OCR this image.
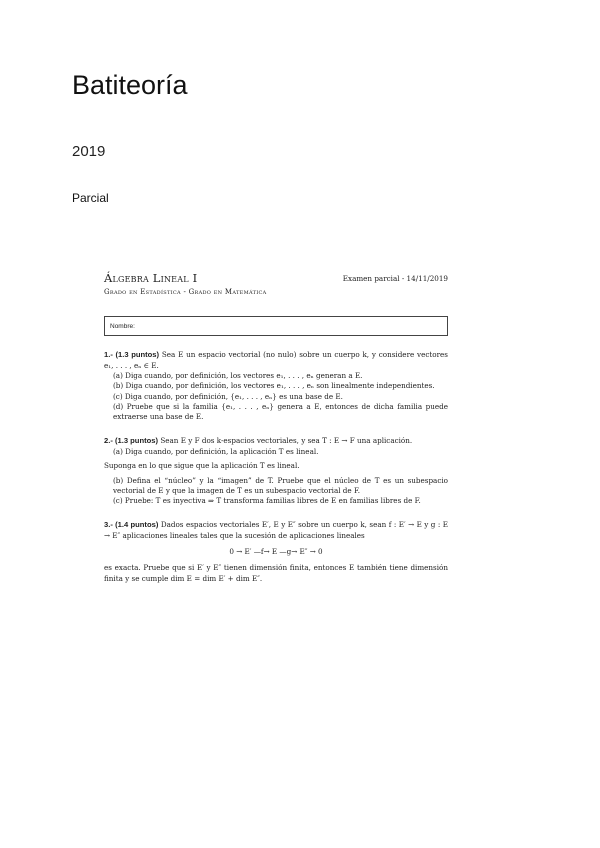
Batiteoría
2019
Parcial
Álgebra Lineal I
Grado en Estadística - Grado en Matemática
Examen parcial - 14/11/2019
Nombre:
1.- (1.3 puntos) Sea E un espacio vectorial (no nulo) sobre un cuerpo k, y considere vectores e₁, . . . , eₙ ∈ E.
(a) Diga cuando, por definición, los vectores e₁, . . . , eₙ generan a E.
(b) Diga cuando, por definición, los vectores e₁, . . . , eₙ son linealmente independientes.
(c) Diga cuando, por definición, {e₁, . . . , eₙ} es una base de E.
(d) Pruebe que si la familia {e₁, . . . , eₙ} genera a E, entonces de dicha familia puede extraerse una base de E.
2.- (1.3 puntos) Sean E y F dos k-espacios vectoriales, y sea T : E → F una aplicación.
(a) Diga cuando, por definición, la aplicación T es lineal.
Suponga en lo que sigue que la aplicación T es lineal.
(b) Defina el “núcleo” y la “imagen” de T. Pruebe que el núcleo de T es un subespacio vectorial de E y que la imagen de T es un subespacio vectorial de F.
(c) Pruebe: T es inyectiva ⇒ T transforma familias libres de E en familias libres de F.
3.- (1.4 puntos) Dados espacios vectoriales E′, E y E″ sobre un cuerpo k, sean f : E′ → E y g : E → E″ aplicaciones lineales tales que la sucesión de aplicaciones lineales
0 → E′ —f→ E —g→ E″ → 0
es exacta. Pruebe que si E′ y E″ tienen dimensión finita, entonces E también tiene dimensión finita y se cumple dim E = dim E′ + dim E″.
